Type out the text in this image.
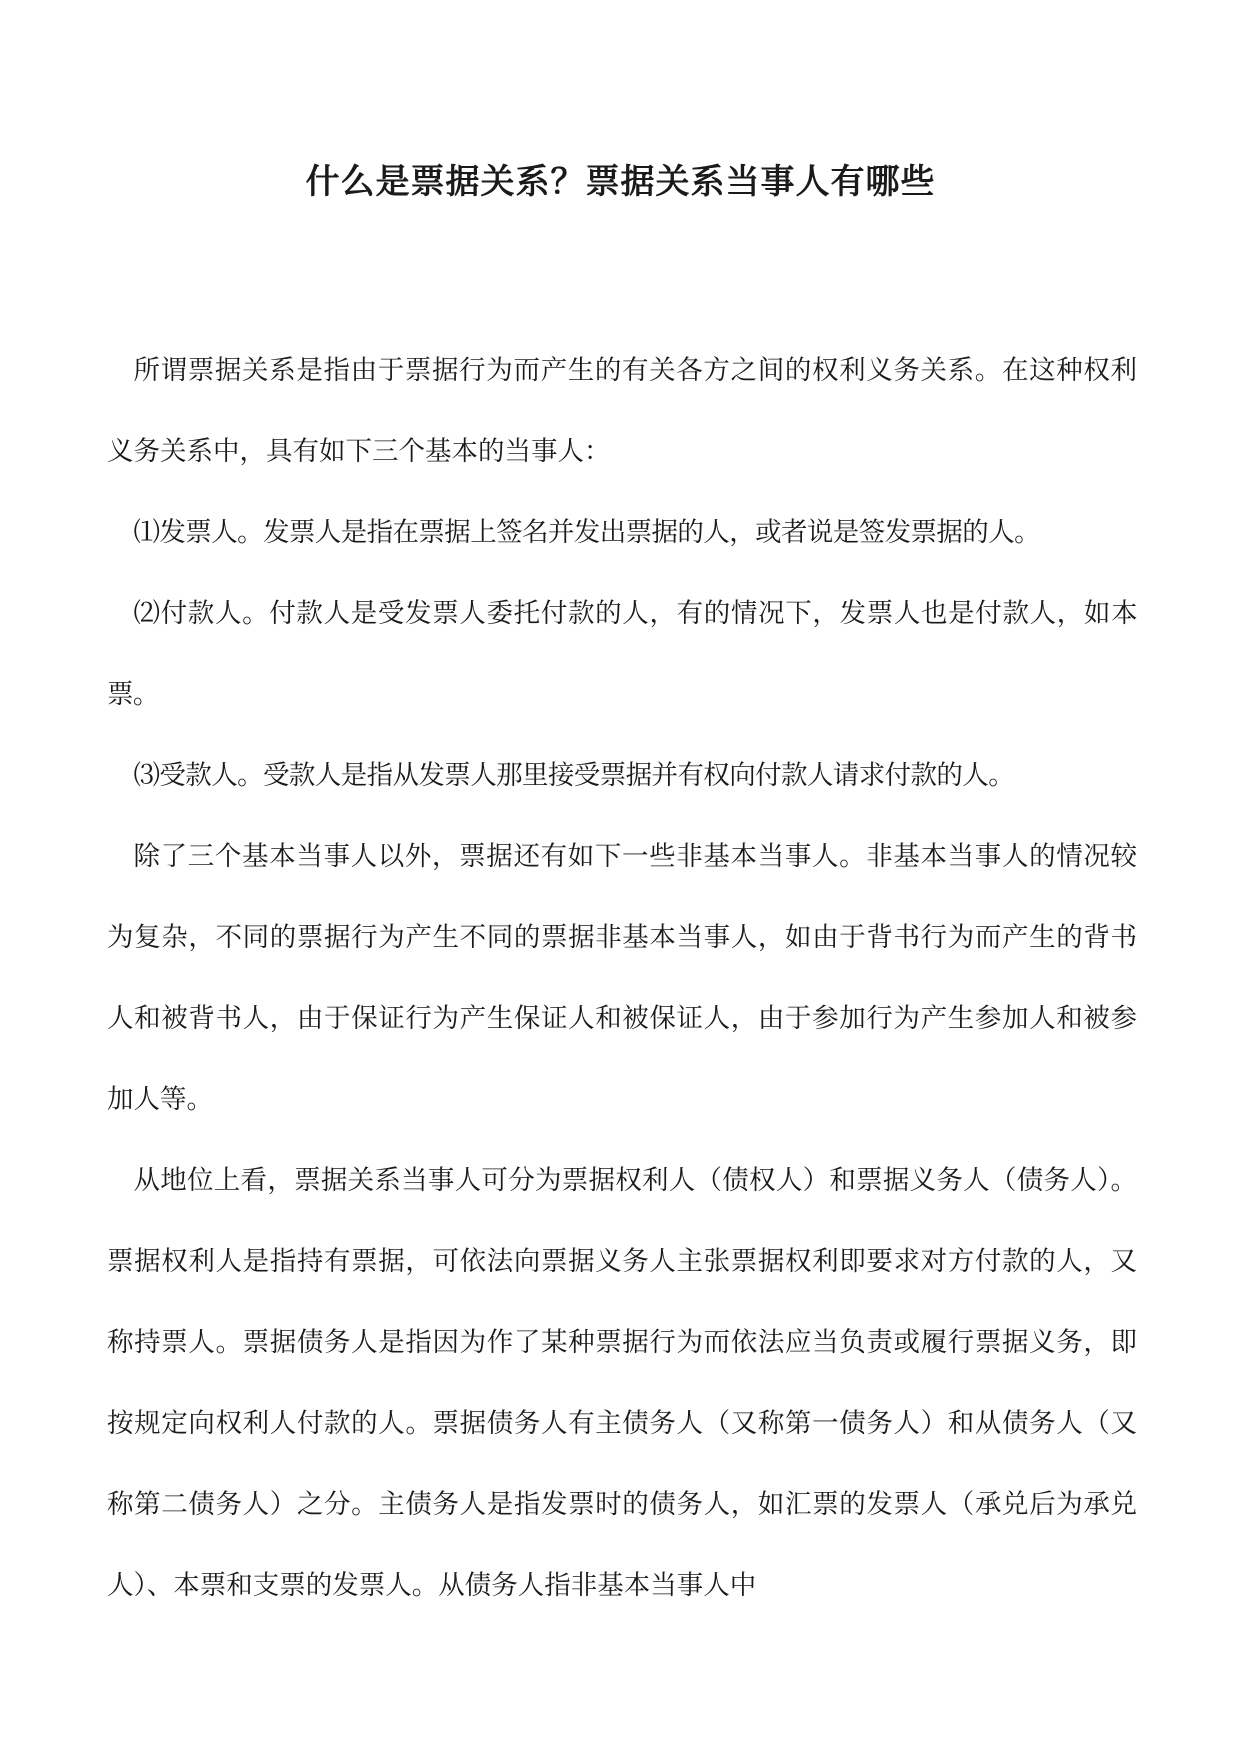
什么是票据关系？票据关系当事人有哪些

所谓票据关系是指由于票据行为而产生的有关各方之间的权利义务关系。在这种权利义务关系中，具有如下三个基本的当事人：

⑴发票人。发票人是指在票据上签名并发出票据的人，或者说是签发票据的人。

⑵付款人。付款人是受发票人委托付款的人，有的情况下，发票人也是付款人，如本票。

⑶受款人。受款人是指从发票人那里接受票据并有权向付款人请求付款的人。

除了三个基本当事人以外，票据还有如下一些非基本当事人。非基本当事人的情况较为复杂，不同的票据行为产生不同的票据非基本当事人，如由于背书行为而产生的背书人和被背书人，由于保证行为产生保证人和被保证人，由于参加行为产生参加人和被参加人等。

从地位上看，票据关系当事人可分为票据权利人（债权人）和票据义务人（债务人）。票据权利人是指持有票据，可依法向票据义务人主张票据权利即要求对方付款的人，又称持票人。票据债务人是指因为作了某种票据行为而依法应当负责或履行票据义务，即按规定向权利人付款的人。票据债务人有主债务人（又称第一债务人）和从债务人（又称第二债务人）之分。主债务人是指发票时的债务人，如汇票的发票人（承兑后为承兑人）、本票和支票的发票人。从债务人指非基本当事人中
